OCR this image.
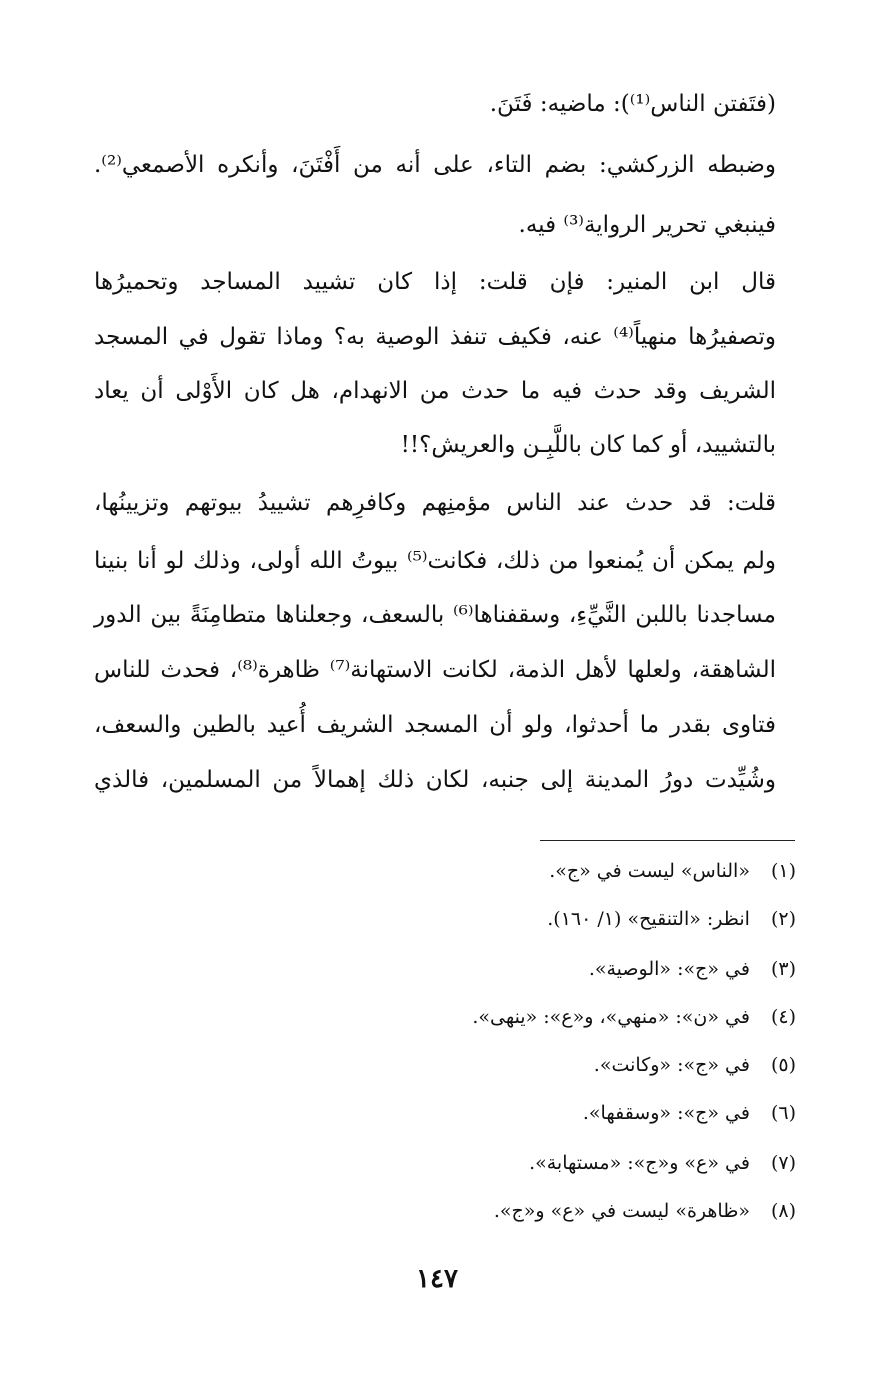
(فتَفتن الناس⁽¹⁾): ماضيه: فَتَنَ.
وضبطه الزركشي: بضم التاء، على أنه من أَفْتَنَ، وأنكره الأصمعي⁽²⁾.
فينبغي تحرير الرواية⁽³⁾ فيه.
قال ابن المنير: فإن قلت: إذا كان تشييد المساجد وتحميرُها
وتصفيرُها منهياً⁽⁴⁾ عنه، فكيف تنفذ الوصية به؟ وماذا تقول في المسجد
الشريف وقد حدث فيه ما حدث من الانهدام، هل كان الأَوْلى أن يعاد
بالتشييد، أو كما كان باللَّبِـن والعريش؟!!
قلت: قد حدث عند الناس مؤمنِهم وكافرِهم تشييدُ بيوتهم وتزيينُها،
ولم يمكن أن يُمنعوا من ذلك، فكانت⁽⁵⁾ بيوتُ الله أولى، وذلك لو أنا بنينا
مساجدنا باللبن النَّيِّءِ، وسقفناها⁽⁶⁾ بالسعف، وجعلناها متطامِنَةً بين الدور
الشاهقة، ولعلها لأهل الذمة، لكانت الاستهانة⁽⁷⁾ ظاهرة⁽⁸⁾، فحدث للناس
فتاوى بقدر ما أحدثوا، ولو أن المسجد الشريف أُعيد بالطين والسعف،
وشُيِّدت دورُ المدينة إلى جنبه، لكان ذلك إهمالاً من المسلمين، فالذي
(١) «الناس» ليست في «ج».
(٢) انظر: «التنقيح» (١/ ١٦٠).
(٣) في «ج»: «الوصية».
(٤) في «ن»: «منهي»، و«ع»: «ينهى».
(٥) في «ج»: «وكانت».
(٦) في «ج»: «وسقفها».
(٧) في «ع» و«ج»: «مستهابة».
(٨) «ظاهرة» ليست في «ع» و«ج».
١٤٧
